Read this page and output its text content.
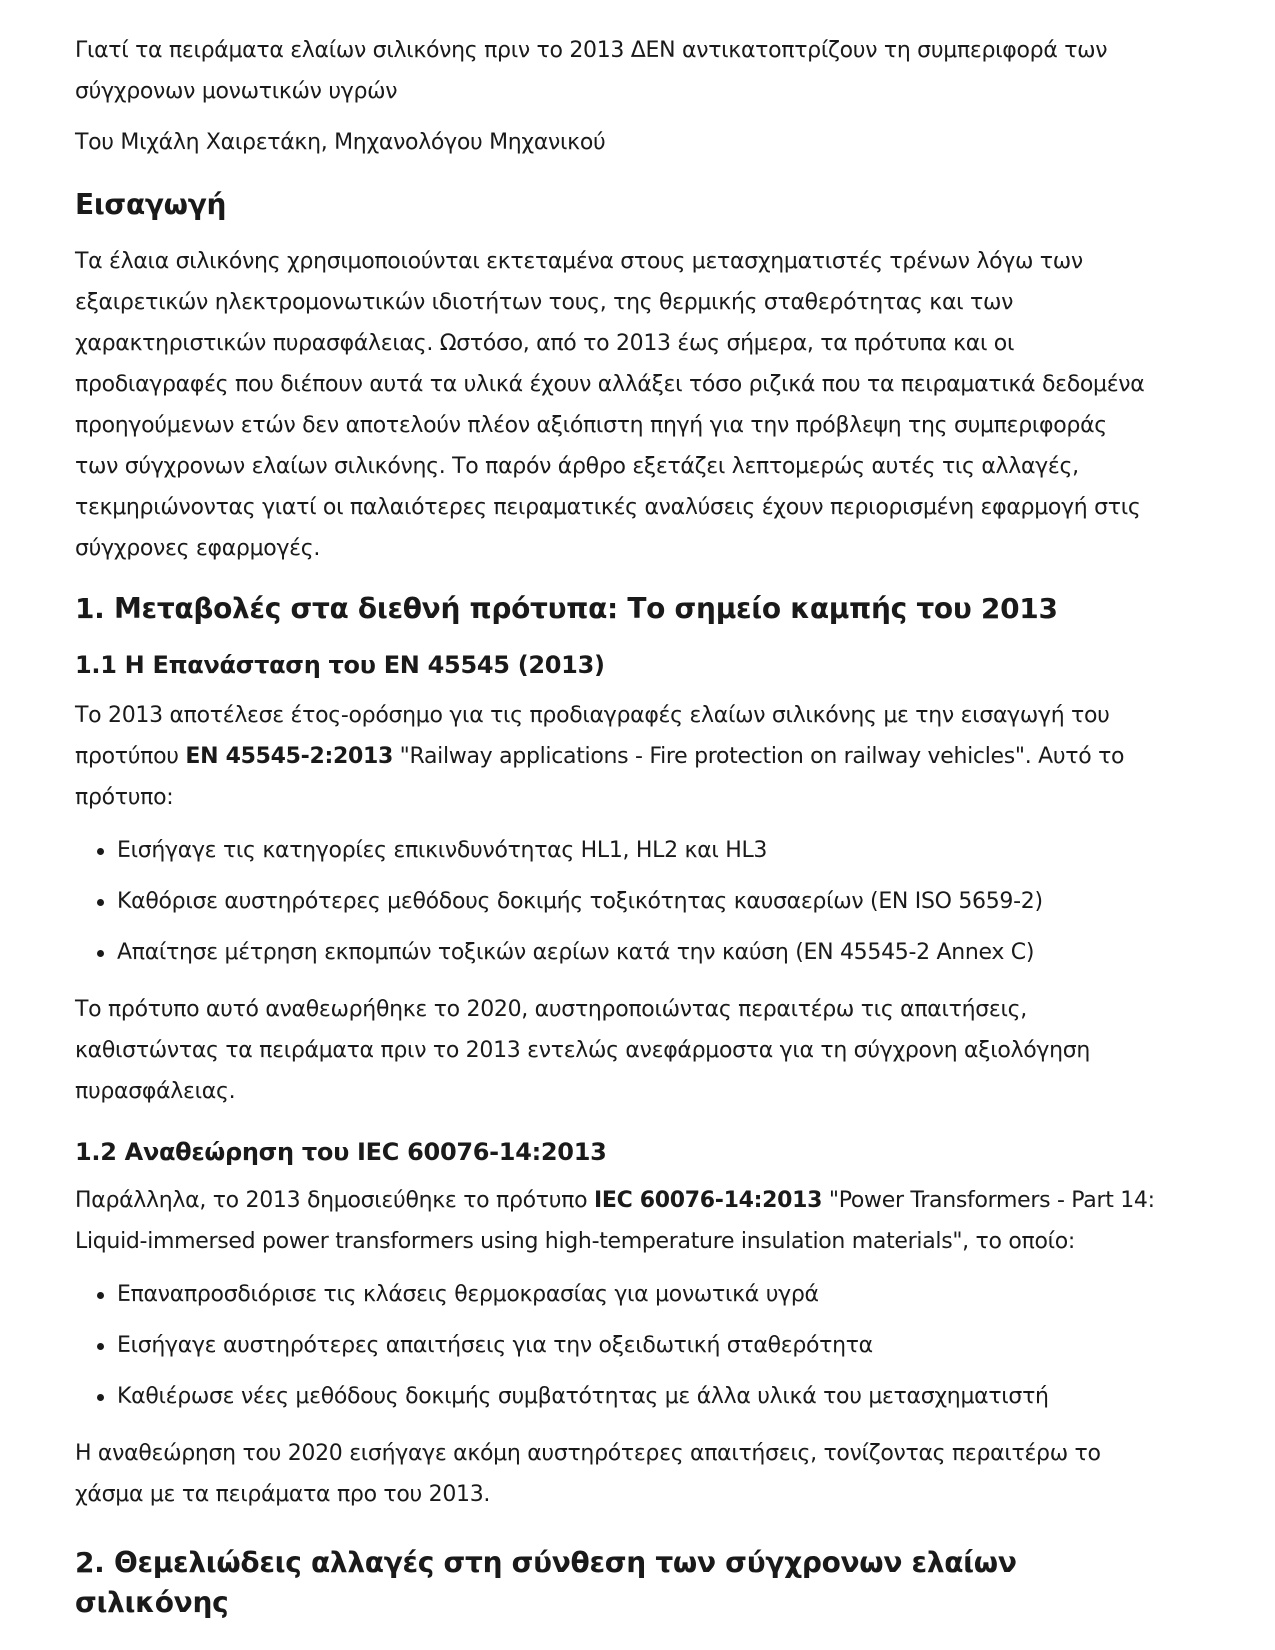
Γιατί τα πειράματα ελαίων σιλικόνης πριν το 2013 ΔΕΝ αντικατοπτρίζουν τη συμπεριφορά των σύγχρονων μονωτικών υγρών

Του Μιχάλη Χαιρετάκη, Μηχανολόγου Μηχανικού

Εισαγωγή

Τα έλαια σιλικόνης χρησιμοποιούνται εκτεταμένα στους μετασχηματιστές τρένων λόγω των εξαιρετικών ηλεκτρομονωτικών ιδιοτήτων τους, της θερμικής σταθερότητας και των χαρακτηριστικών πυρασφάλειας. Ωστόσο, από το 2013 έως σήμερα, τα πρότυπα και οι προδιαγραφές που διέπουν αυτά τα υλικά έχουν αλλάξει τόσο ριζικά που τα πειραματικά δεδομένα προηγούμενων ετών δεν αποτελούν πλέον αξιόπιστη πηγή για την πρόβλεψη της συμπεριφοράς των σύγχρονων ελαίων σιλικόνης. Το παρόν άρθρο εξετάζει λεπτομερώς αυτές τις αλλαγές, τεκμηριώνοντας γιατί οι παλαιότερες πειραματικές αναλύσεις έχουν περιορισμένη εφαρμογή στις σύγχρονες εφαρμογές.

1. Μεταβολές στα διεθνή πρότυπα: Το σημείο καμπής του 2013
1.1 Η Επανάσταση του EN 45545 (2013)

Το 2013 αποτέλεσε έτος-ορόσημο για τις προδιαγραφές ελαίων σιλικόνης με την εισαγωγή του προτύπου EN 45545-2:2013 "Railway applications - Fire protection on railway vehicles". Αυτό το πρότυπο:

Εισήγαγε τις κατηγορίες επικινδυνότητας HL1, HL2 και HL3
Καθόρισε αυστηρότερες μεθόδους δοκιμής τοξικότητας καυσαερίων (EN ISO 5659-2)
Απαίτησε μέτρηση εκπομπών τοξικών αερίων κατά την καύση (EN 45545-2 Annex C)

Το πρότυπο αυτό αναθεωρήθηκε το 2020, αυστηροποιώντας περαιτέρω τις απαιτήσεις, καθιστώντας τα πειράματα πριν το 2013 εντελώς ανεφάρμοστα για τη σύγχρονη αξιολόγηση πυρασφάλειας.

1.2 Αναθεώρηση του IEC 60076-14:2013

Παράλληλα, το 2013 δημοσιεύθηκε το πρότυπο IEC 60076-14:2013 "Power Transformers - Part 14: Liquid-immersed power transformers using high-temperature insulation materials", το οποίο:

Επαναπροσδιόρισε τις κλάσεις θερμοκρασίας για μονωτικά υγρά
Εισήγαγε αυστηρότερες απαιτήσεις για την οξειδωτική σταθερότητα
Καθιέρωσε νέες μεθόδους δοκιμής συμβατότητας με άλλα υλικά του μετασχηματιστή

Η αναθεώρηση του 2020 εισήγαγε ακόμη αυστηρότερες απαιτήσεις, τονίζοντας περαιτέρω το χάσμα με τα πειράματα προ του 2013.

2. Θεμελιώδεις αλλαγές στη σύνθεση των σύγχρονων ελαίων σιλικόνης
